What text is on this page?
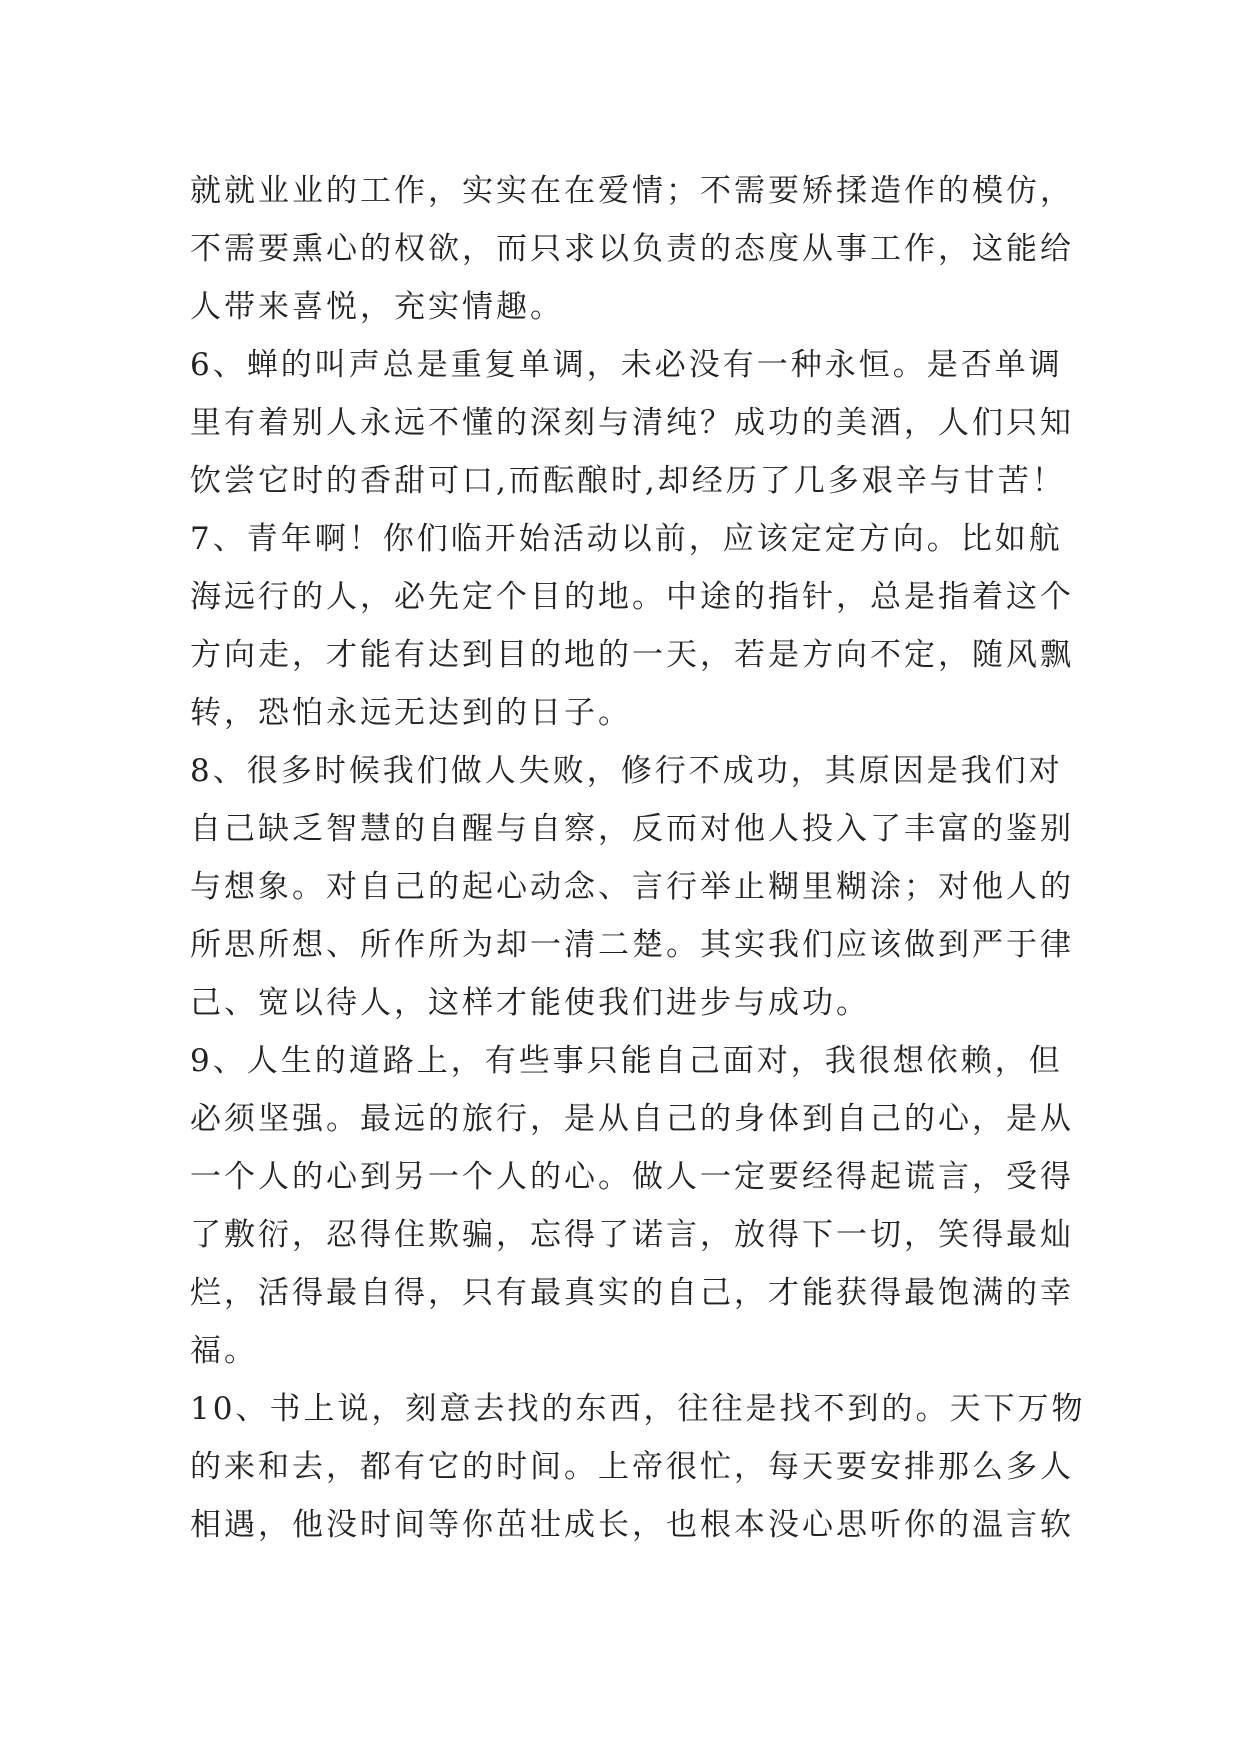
就就业业的工作，实实在在爱情；不需要矫揉造作的模仿，
不需要熏心的权欲，而只求以负责的态度从事工作，这能给
人带来喜悦，充实情趣。
6、蝉的叫声总是重复单调，未必没有一种永恒。是否单调
里有着别人永远不懂的深刻与清纯？成功的美酒，人们只知
饮尝它时的香甜可口,而酝酿时,却经历了几多艰辛与甘苦！
7、青年啊！你们临开始活动以前，应该定定方向。比如航
海远行的人，必先定个目的地。中途的指针，总是指着这个
方向走，才能有达到目的地的一天，若是方向不定，随风飘
转，恐怕永远无达到的日子。
8、很多时候我们做人失败，修行不成功，其原因是我们对
自己缺乏智慧的自醒与自察，反而对他人投入了丰富的鉴别
与想象。对自己的起心动念、言行举止糊里糊涂；对他人的
所思所想、所作所为却一清二楚。其实我们应该做到严于律
己、宽以待人，这样才能使我们进步与成功。
9、人生的道路上，有些事只能自己面对，我很想依赖，但
必须坚强。最远的旅行，是从自己的身体到自己的心，是从
一个人的心到另一个人的心。做人一定要经得起谎言，受得
了敷衍，忍得住欺骗，忘得了诺言，放得下一切，笑得最灿
烂，活得最自得，只有最真实的自己，才能获得最饱满的幸
福。
10、书上说，刻意去找的东西，往往是找不到的。天下万物
的来和去，都有它的时间。上帝很忙，每天要安排那么多人
相遇，他没时间等你茁壮成长，也根本没心思听你的温言软
